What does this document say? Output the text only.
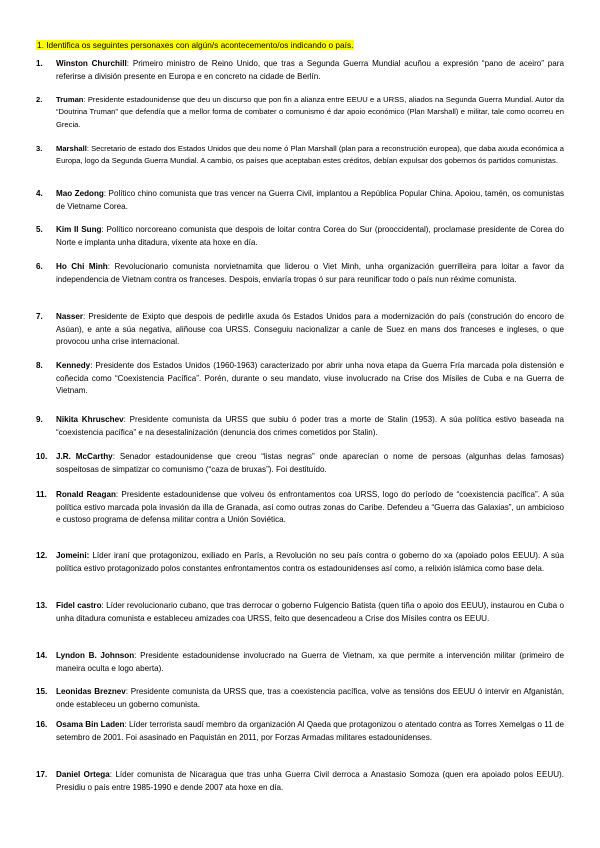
1. Identifica os seguintes personaxes con algún/s acontecemento/os indicando o país.
1.	Winston Churchill: Primeiro ministro de Reino Unido, que tras a Segunda Guerra Mundial acuñou a expresión “pano de aceiro” para referirse a división presente en Europa e en concreto na cidade de Berlín.
2.	Truman: Presidente estadounidense que deu un discurso que pon fin a alianza entre EEUU e a URSS, aliados na Segunda Guerra Mundial. Autor da “Doutrina Truman” que defendía que a mellor forma de combater o comunismo é dar apoio económico (Plan Marshall) e militar, tale como ocorreu en Grecia.
3.	Marshall: Secretario de estado dos Estados Unidos que deu nome ó Plan Marshall (plan para a reconstrución europea), que daba axuda económica a Europa, logo da Segunda Guerra Mundial. A cambio, os países que aceptaban estes créditos, debían expulsar dos gobernos ós partidos comunistas.
4.	Mao Zedong: Político chino comunista que tras vencer na Guerra Civil, implantou a República Popular China. Apoiou, tamén, os comunistas de Vietname Corea.
5.	Kim Il Sung: Político norcoreano comunista que despois de loitar contra Corea do Sur (prooccidental), proclamase presidente de Corea do Norte e implanta unha ditadura, vixente ata hoxe en día.
6.	Ho Chi Minh: Revolucionario comunista norvietnamita que liderou o Viet Minh, unha organización guerrilleira para loitar a favor da independencia de Vietnam contra os franceses. Despois, enviaría tropas ó sur para reunificar todo o país nun réxime comunista.
7.	Nasser: Presidente de Exipto que despois de pedirlle axuda ós Estados Unidos para a modernización do país (construción do encoro de Asúan), e ante a súa negativa, aliñouse coa URSS. Conseguiu nacionalizar a canle de Suez en mans dos franceses e ingleses, o que provocou unha crise internacional.
8.	Kennedy: Presidente dos Estados Unidos (1960-1963) caracterizado por abrir unha nova etapa da Guerra Fría marcada pola distensión e coñecida como “Coexistencia Pacífica”. Porén, durante o seu mandato, viuse involucrado na Crise dos Mísiles de Cuba e na Guerra de Vietnam.
9.	Nikita Khruschev: Presidente comunista da URSS que subiu ó poder tras a morte de Stalin (1953). A súa política estivo baseada na “coexistencia pacífica” e na desestalinización (denuncia dos crimes cometidos por Stalin).
10.	J.R. McCarthy: Senador estadounidense que creou “listas negras” onde aparecían o nome de persoas (algunhas delas famosas) sospeitosas de simpatizar co comunismo (“caza de bruxas”). Foi destituído.
11.	Ronald Reagan: Presidente estadounidense que volveu ós enfrontamentos coa URSS, logo do período de “coexistencia pacífica”. A súa política estivo marcada pola invasión da illa de Granada, así como outras zonas do Caribe. Defendeu a “Guerra das Galaxias”, un ambicioso e custoso programa de defensa militar contra a Unión Soviética.
12.	Jomeini: Líder iraní que protagonizou, exiliado en París, a Revolución no seu país contra o goberno do xa (apoiado polos EEUU). A súa política estivo protagonizado polos constantes enfrontamentos contra os estadounidenses así como, a relixión islámica como base dela.
13.	Fidel castro: Líder revolucionario cubano, que tras derrocar o goberno Fulgencio Batista (quen tiña o apoio dos EEUU), instaurou en Cuba o unha ditadura comunista e estableceu amizades coa URSS, feito que desencadeou a Crise dos Mísiles contra os EEUU.
14.	Lyndon B. Johnson: Presidente estadounidense involucrado na Guerra de Vietnam, xa que permite a intervención militar (primeiro de maneira oculta e logo aberta).
15.	Leonidas Breznev: Presidente comunista da URSS que, tras a coexistencia pacífica, volve as tensións dos EEUU ó intervir en Afganistán, onde estableceu un goberno comunista.
16.	Osama Bin Laden: Líder terrorista saudí membro da organización Al Qaeda que protagonizou o atentado contra as Torres Xemelgas o 11 de setembro de 2001. Foi asasinado en Paquistán en 2011, por Forzas Armadas militares estadounidenses.
17.	Daniel Ortega: Líder comunista de Nicaragua que tras unha Guerra Civil derroca a Anastasio Somoza (quen era apoiado polos EEUU). Presidiu o país entre 1985-1990 e dende 2007 ata hoxe en día.
